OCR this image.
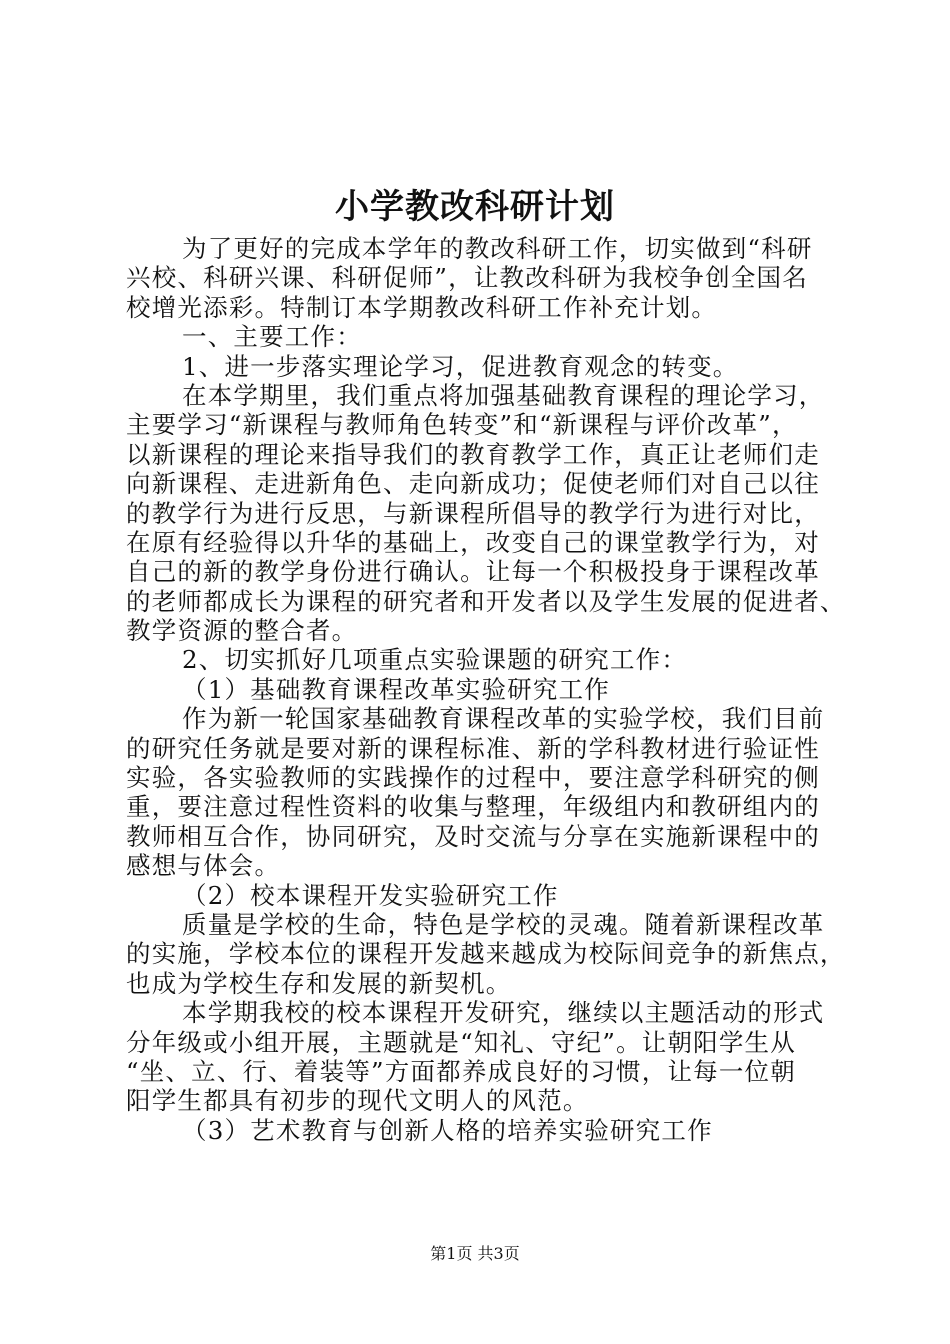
小学教改科研计划
为了更好的完成本学年的教改科研工作，切实做到“科研
兴校、科研兴课、科研促师”，让教改科研为我校争创全国名
校增光添彩。特制订本学期教改科研工作补充计划。
一、主要工作：
1、进一步落实理论学习，促进教育观念的转变。
在本学期里，我们重点将加强基础教育课程的理论学习，
主要学习“新课程与教师角色转变”和“新课程与评价改革”，
以新课程的理论来指导我们的教育教学工作，真正让老师们走
向新课程、走进新角色、走向新成功；促使老师们对自己以往
的教学行为进行反思，与新课程所倡导的教学行为进行对比，
在原有经验得以升华的基础上，改变自己的课堂教学行为，对
自己的新的教学身份进行确认。让每一个积极投身于课程改革
的老师都成长为课程的研究者和开发者以及学生发展的促进者、
教学资源的整合者。
2、切实抓好几项重点实验课题的研究工作：
（1）基础教育课程改革实验研究工作
作为新一轮国家基础教育课程改革的实验学校，我们目前
的研究任务就是要对新的课程标准、新的学科教材进行验证性
实验，各实验教师的实践操作的过程中，要注意学科研究的侧
重，要注意过程性资料的收集与整理，年级组内和教研组内的
教师相互合作，协同研究，及时交流与分享在实施新课程中的
感想与体会。
（2）校本课程开发实验研究工作
质量是学校的生命，特色是学校的灵魂。随着新课程改革
的实施，学校本位的课程开发越来越成为校际间竞争的新焦点，
也成为学校生存和发展的新契机。
本学期我校的校本课程开发研究，继续以主题活动的形式
分年级或小组开展，主题就是“知礼、守纪”。让朝阳学生从
“坐、立、行、着装等”方面都养成良好的习惯，让每一位朝
阳学生都具有初步的现代文明人的风范。
（3）艺术教育与创新人格的培养实验研究工作
第1页 共3页
